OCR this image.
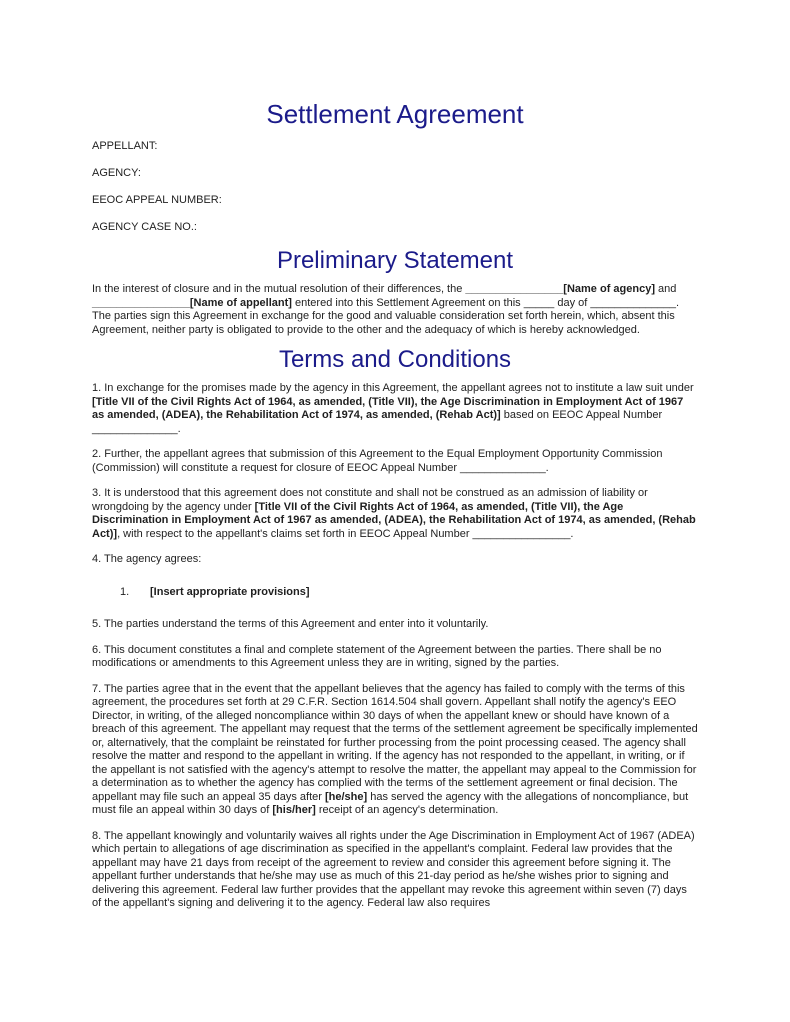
Settlement Agreement
APPELLANT:
AGENCY:
EEOC APPEAL NUMBER:
AGENCY CASE NO.:
Preliminary Statement

In the interest of closure and in the mutual resolution of their differences, the ________________[Name of agency] and ________________[Name of appellant] entered into this Settlement Agreement on this _____ day of ______________. The parties sign this Agreement in exchange for the good and valuable consideration set forth herein, which, absent this Agreement, neither party is obligated to provide to the other and the adequacy of which is hereby acknowledged.

Terms and Conditions

1. In exchange for the promises made by the agency in this Agreement, the appellant agrees not to institute a law suit under [Title VII of the Civil Rights Act of 1964, as amended, (Title VII), the Age Discrimination in Employment Act of 1967 as amended, (ADEA), the Rehabilitation Act of 1974, as amended, (Rehab Act)] based on EEOC Appeal Number ______________.

2. Further, the appellant agrees that submission of this Agreement to the Equal Employment Opportunity Commission (Commission) will constitute a request for closure of EEOC Appeal Number ______________.

3. It is understood that this agreement does not constitute and shall not be construed as an admission of liability or wrongdoing by the agency under [Title VII of the Civil Rights Act of 1964, as amended, (Title VII), the Age Discrimination in Employment Act of 1967 as amended, (ADEA), the Rehabilitation Act of 1974, as amended, (Rehab Act)], with respect to the appellant's claims set forth in EEOC Appeal Number ________________.

4. The agency agrees:

1.	[Insert appropriate provisions]

5. The parties understand the terms of this Agreement and enter into it voluntarily.

6. This document constitutes a final and complete statement of the Agreement between the parties. There shall be no modifications or amendments to this Agreement unless they are in writing, signed by the parties.

7. The parties agree that in the event that the appellant believes that the agency has failed to comply with the terms of this agreement, the procedures set forth at 29 C.F.R. Section 1614.504 shall govern. Appellant shall notify the agency's EEO Director, in writing, of the alleged noncompliance within 30 days of when the appellant knew or should have known of a breach of this agreement. The appellant may request that the terms of the settlement agreement be specifically implemented or, alternatively, that the complaint be reinstated for further processing from the point processing ceased. The agency shall resolve the matter and respond to the appellant in writing. If the agency has not responded to the appellant, in writing, or if the appellant is not satisfied with the agency's attempt to resolve the matter, the appellant may appeal to the Commission for a determination as to whether the agency has complied with the terms of the settlement agreement or final decision. The appellant may file such an appeal 35 days after [he/she] has served the agency with the allegations of noncompliance, but must file an appeal within 30 days of [his/her] receipt of an agency's determination.

8. The appellant knowingly and voluntarily waives all rights under the Age Discrimination in Employment Act of 1967 (ADEA) which pertain to allegations of age discrimination as specified in the appellant's complaint. Federal law provides that the appellant may have 21 days from receipt of the agreement to review and consider this agreement before signing it. The appellant further understands that he/she may use as much of this 21-day period as he/she wishes prior to signing and delivering this agreement. Federal law further provides that the appellant may revoke this agreement within seven (7) days of the appellant's signing and delivering it to the agency. Federal law also requires
